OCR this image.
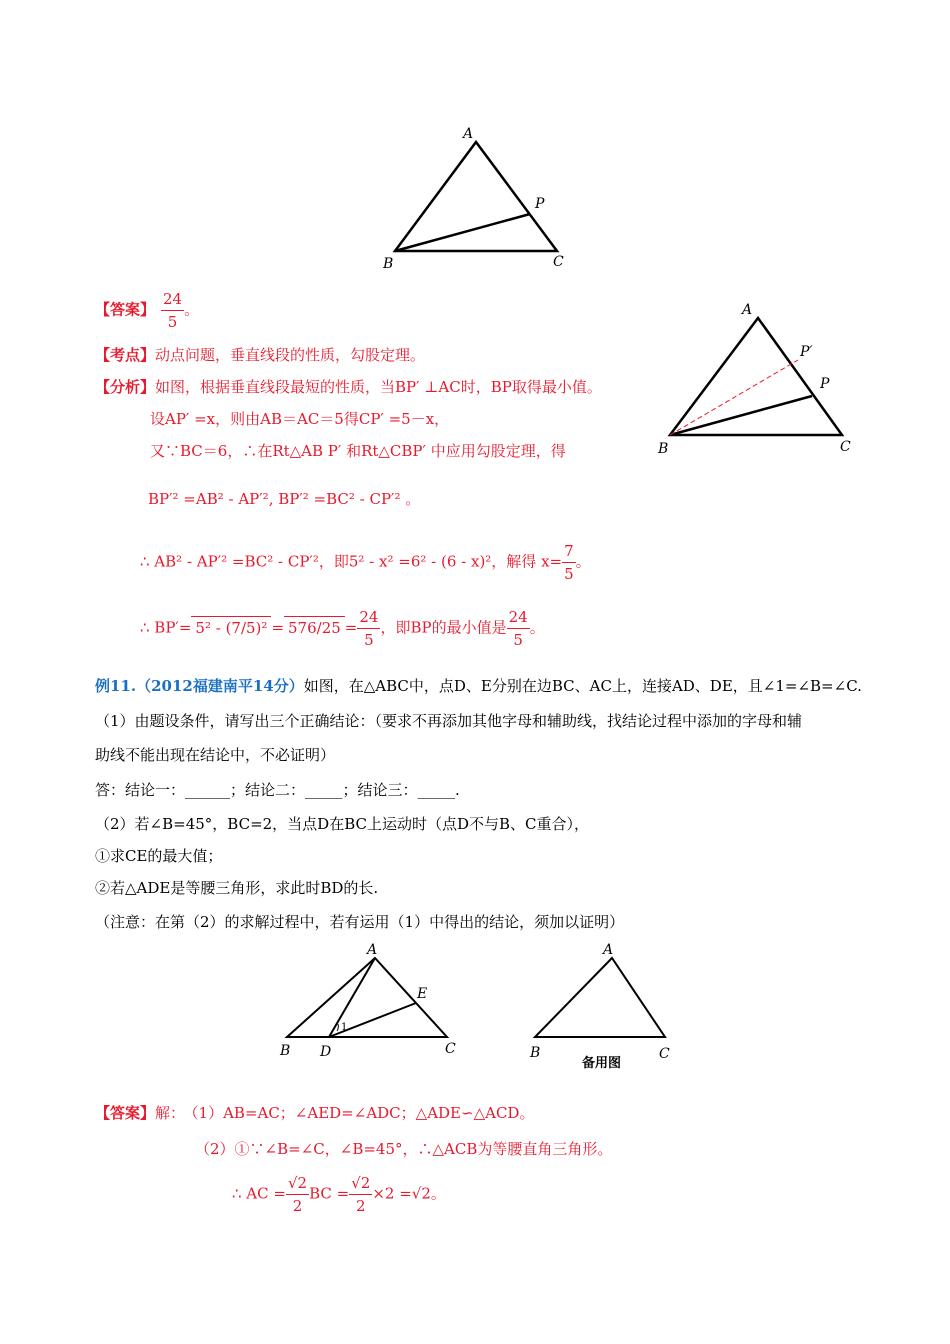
A
B	C
P
【答案】 $\frac{24}{5}$ 。
【考点】动点问题，垂直线段的性质，勾股定理。
【分析】如图，根据垂直线段最短的性质，当BP′ ⊥AC时，BP取得最小值。
设AP′ =x，则由AB＝AC＝5得CP′ =5－x，
又∵BC＝6，∴在Rt△AB P′ 和Rt△CBP′ 中应用勾股定理，得
BP′² =AB² - AP′², BP′² =BC² - CP′² 。
∴ AB² - AP′² =BC² - CP′²，即5² - x² =6² - (6 - x)²，解得 $x= \frac{7}{5}$ 。
∴ $BP'= 5^2 - (7/5)^2 = 576/25 = \frac{24}{5}$ ，即BP的最小值是 $\frac{24}{5}$ 。
A
B	C
P
P′
例11.（2012福建南平14分）如图，在△ABC中，点D、E分别在边BC、AC上，连接AD、DE，且∠1=∠B=∠C.
（1）由题设条件，请写出三个正确结论：（要求不再添加其他字母和辅助线，找结论过程中添加的字母和辅
助线不能出现在结论中，不必证明）
答：结论一：______；结论二：_____；结论三：_____.
（2）若∠B=45°，BC=2，当点D在BC上运动时（点D不与B、C重合），
①求CE的最大值；
②若△ADE是等腰三角形，求此时BD的长.
（注意：在第（2）的求解过程中，若有运用（1）中得出的结论，须加以证明）
A
B	C
D
E
1
A
B	C
备用图
【答案】解： （1）AB=AC；∠AED=∠ADC；△ADE∽△ACD。
（2）①∵∠B=∠C，∠B=45°，∴△ACB为等腰直角三角形。
∴ AC = $\frac{√2}{2}$ BC = $\frac{√2}{2} \times 2 =√2$。
